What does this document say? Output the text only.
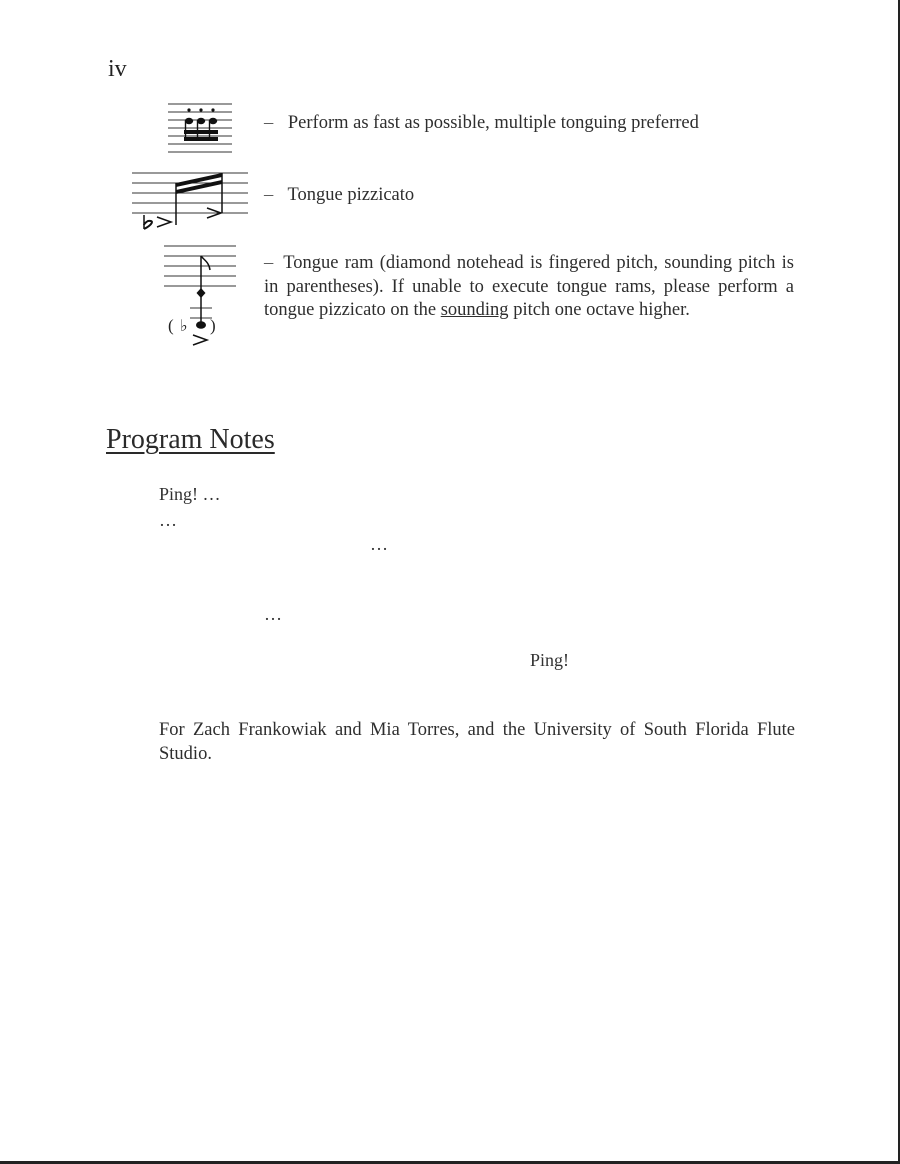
iv
– Perform as fast as possible, multiple tonguing preferred
– Tongue pizzicato
( ♭ )
– Tongue ram (diamond notehead is fingered pitch, sounding pitch is in parentheses). If unable to execute tongue rams, please perform a tongue pizzicato on the sounding pitch one octave higher.
Program Notes
Ping! …
…
…
…
Ping!
For Zach Frankowiak and Mia Torres, and the University of South Florida Flute Studio.
